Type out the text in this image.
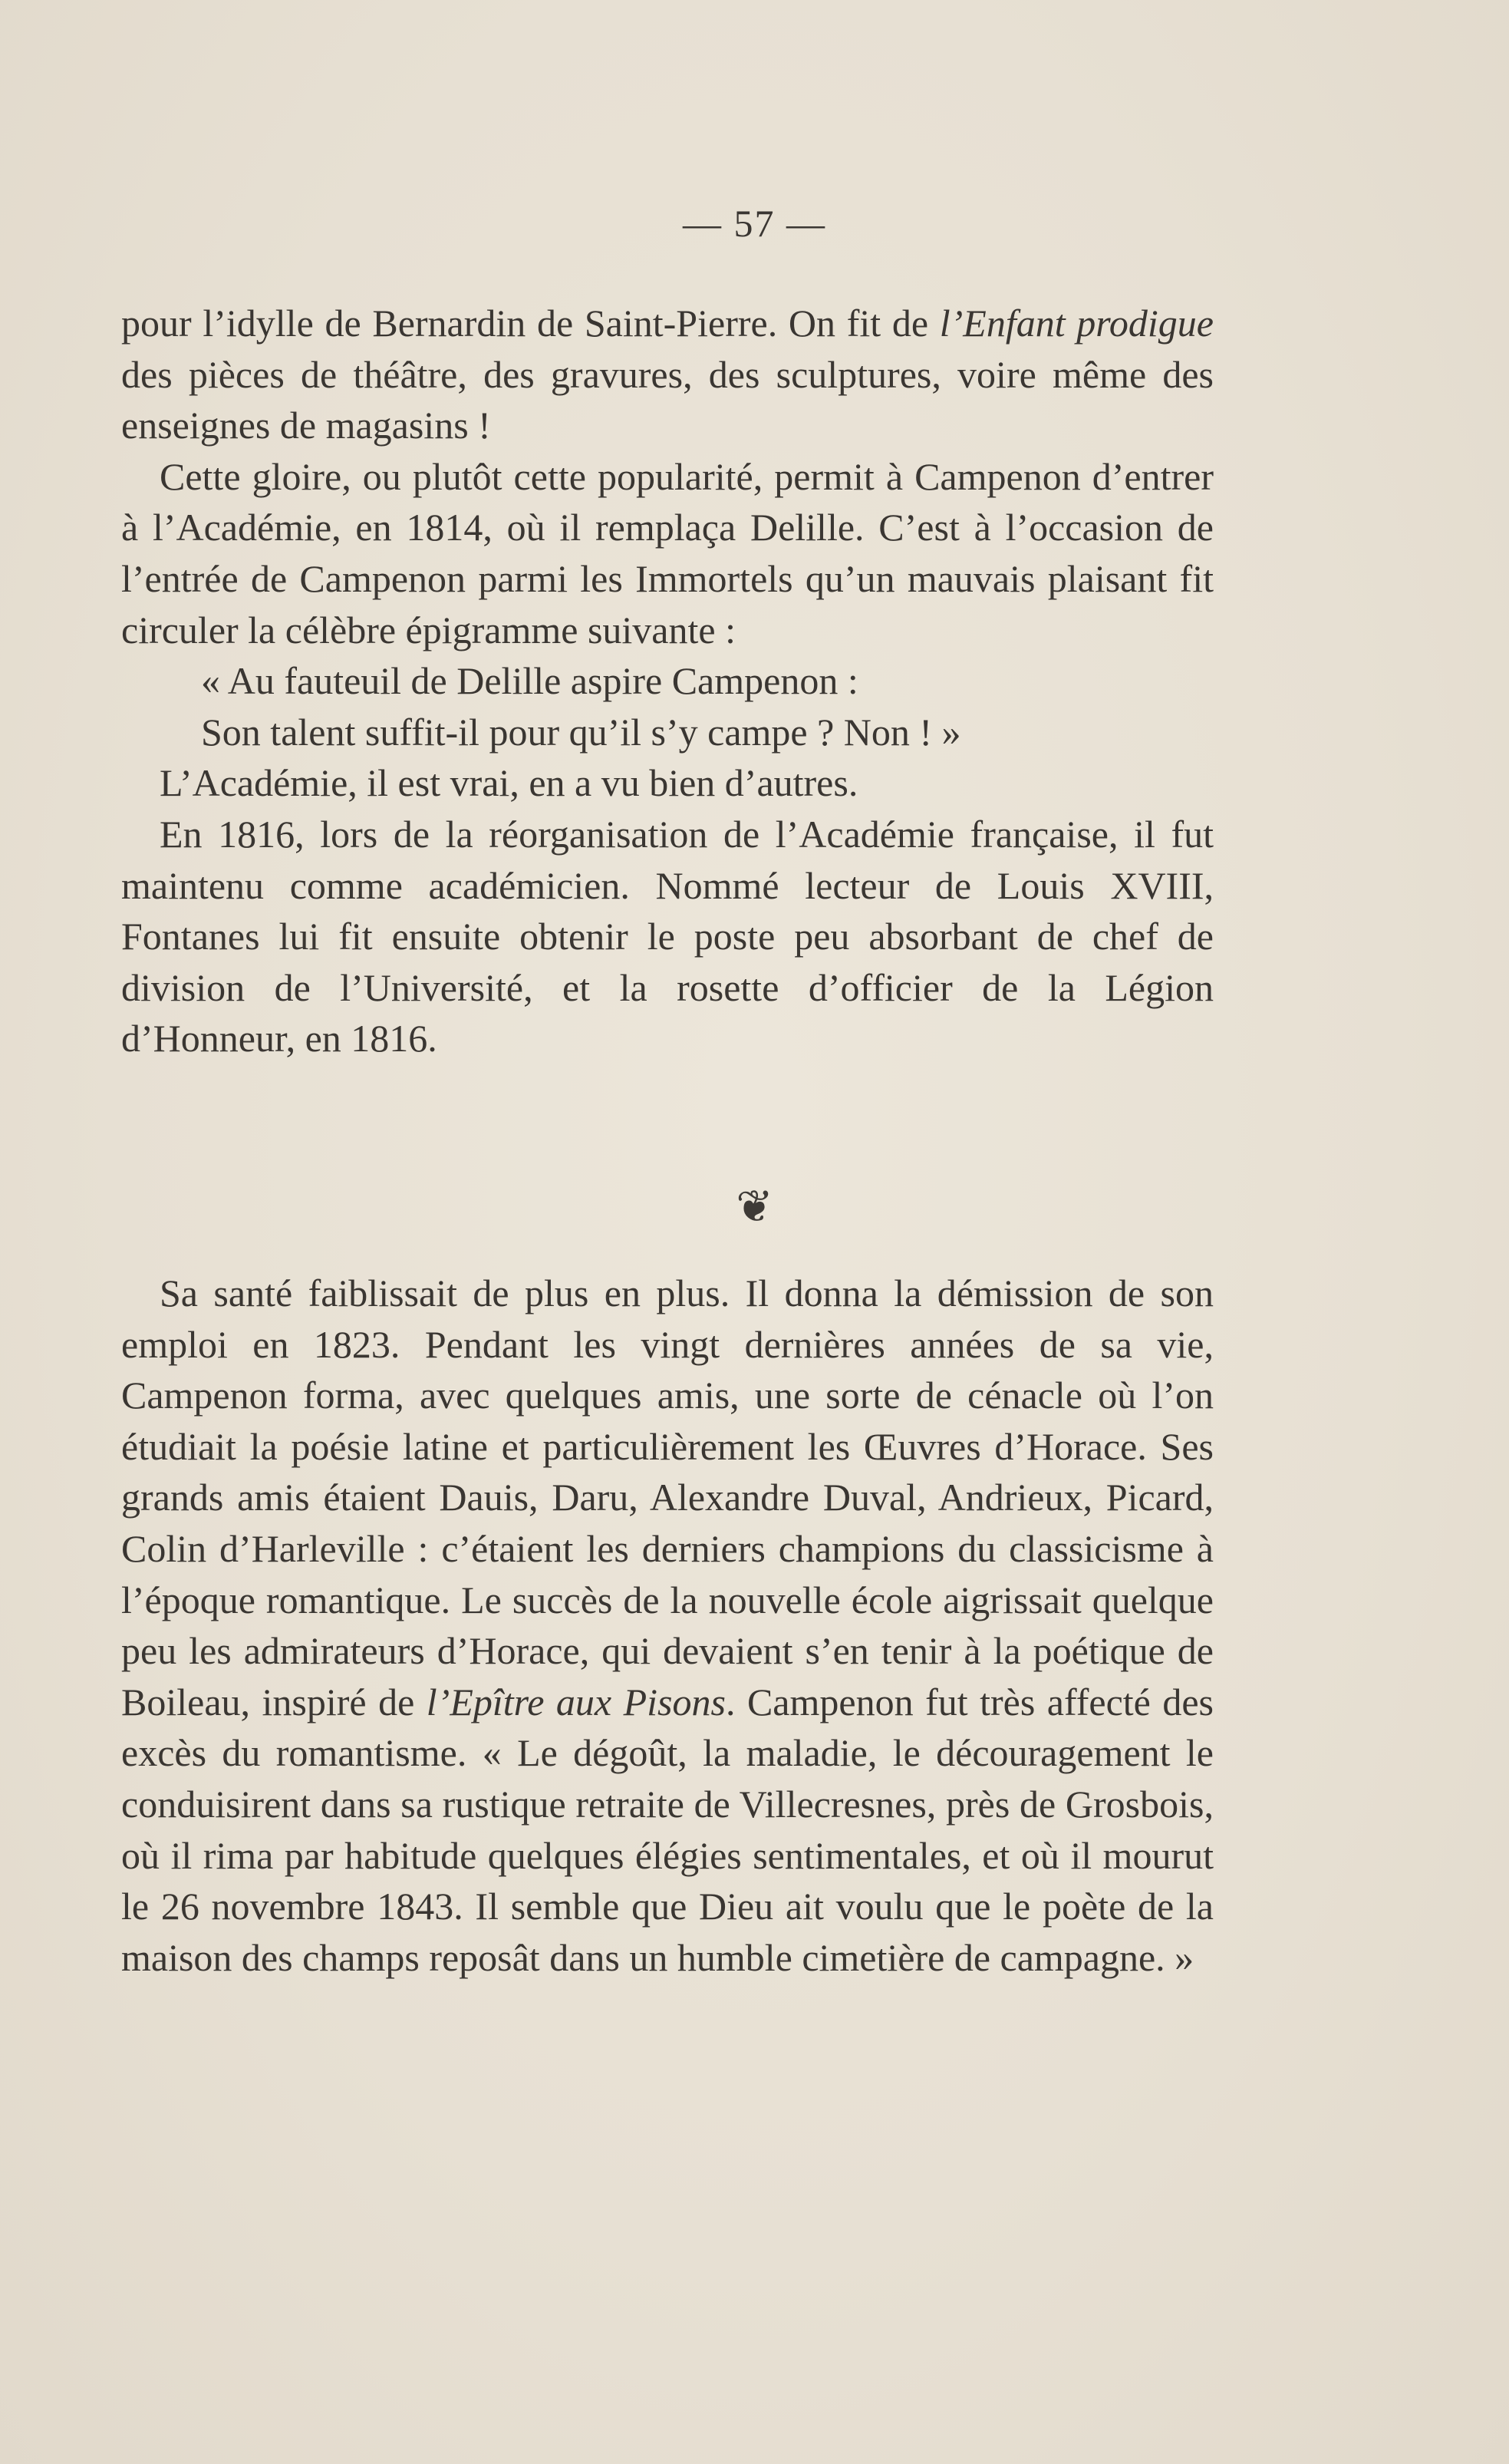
— 57 —

pour l’idylle de Bernardin de Saint-Pierre. On fit de l’Enfant prodigue des pièces de théâtre, des gravures, des sculptures, voire même des enseignes de magasins !

Cette gloire, ou plutôt cette popularité, permit à Campenon d’entrer à l’Académie, en 1814, où il remplaça Delille. C’est à l’occasion de l’entrée de Campenon parmi les Immortels qu’un mauvais plaisant fit circuler la célèbre épigramme suivante :

« Au fauteuil de Delille aspire Campenon :
Son talent suffit-il pour qu’il s’y campe ? Non ! »

L’Académie, il est vrai, en a vu bien d’autres.

En 1816, lors de la réorganisation de l’Académie française, il fut maintenu comme académicien. Nommé lecteur de Louis XVIII, Fontanes lui fit ensuite obtenir le poste peu absorbant de chef de division de l’Université, et la rosette d’officier de la Légion d’Honneur, en 1816.

❦

Sa santé faiblissait de plus en plus. Il donna la démission de son emploi en 1823. Pendant les vingt dernières années de sa vie, Campenon forma, avec quelques amis, une sorte de cénacle où l’on étudiait la poésie latine et particulièrement les Œuvres d’Horace. Ses grands amis étaient Dauis, Daru, Alexandre Duval, Andrieux, Picard, Colin d’Harleville : c’étaient les derniers champions du classicisme à l’époque romantique. Le succès de la nouvelle école aigrissait quelque peu les admirateurs d’Horace, qui devaient s’en tenir à la poétique de Boileau, inspiré de l’Epître aux Pisons. Campenon fut très affecté des excès du romantisme. « Le dégoût, la maladie, le découragement le conduisirent dans sa rustique retraite de Villecresnes, près de Grosbois, où il rima par habitude quelques élégies sentimentales, et où il mourut le 26 novembre 1843. Il semble que Dieu ait voulu que le poète de la maison des champs reposât dans un humble cimetière de campagne. »
